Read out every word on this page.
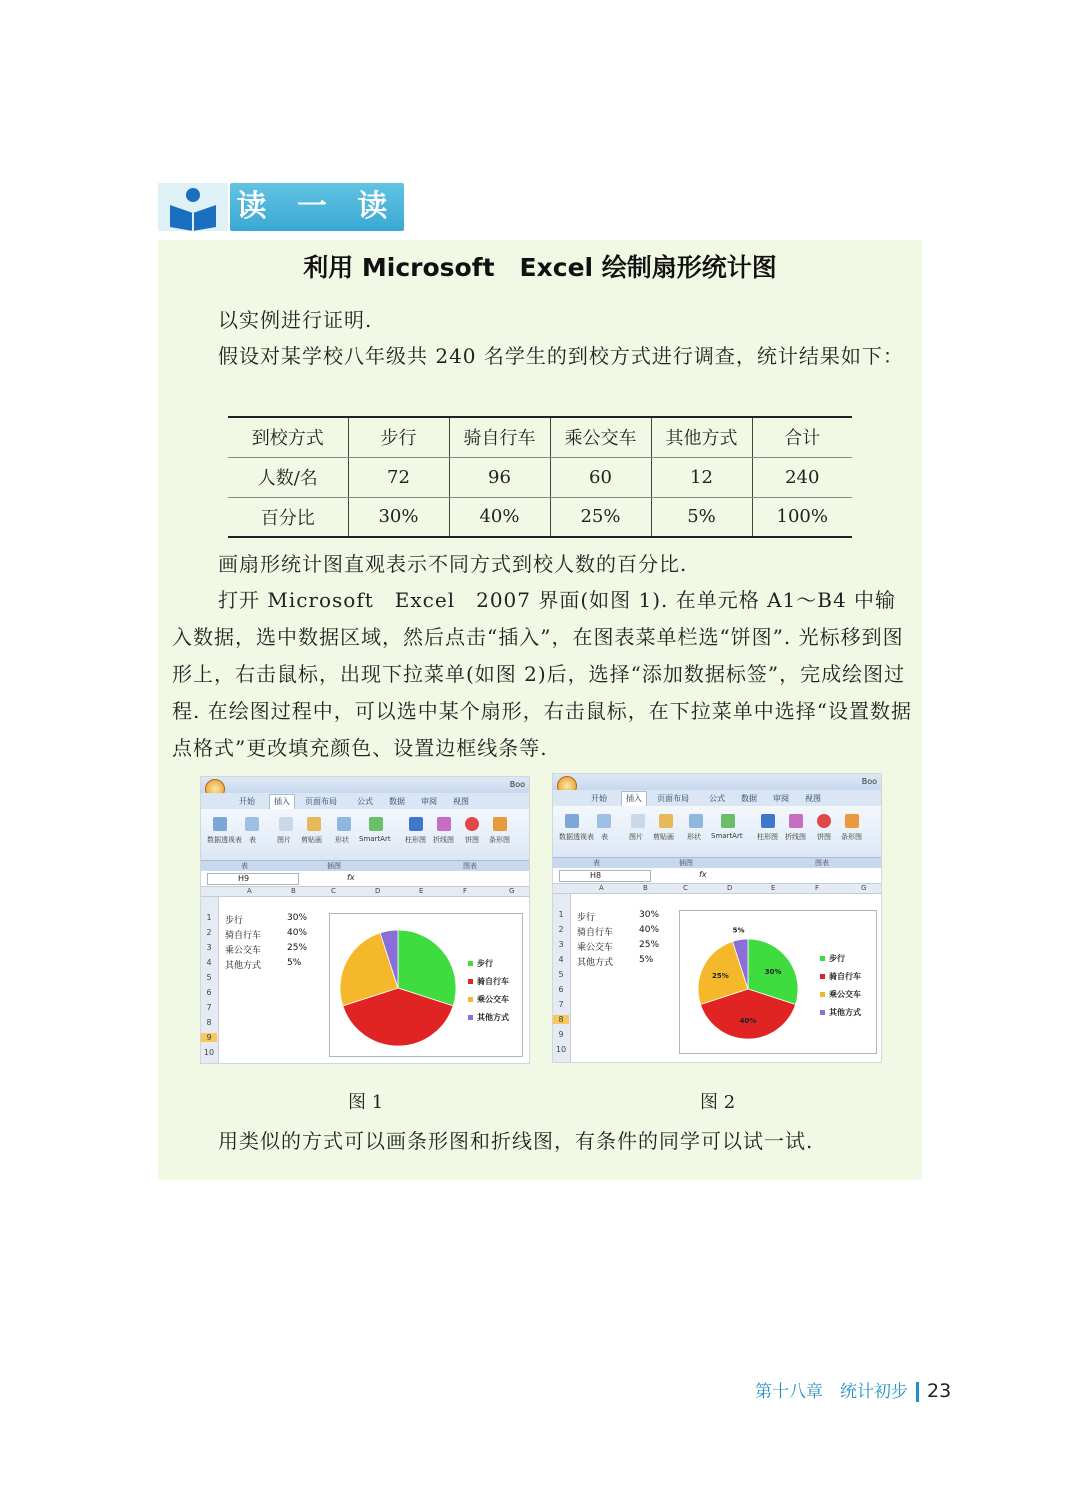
读 一 读
利用 Microsoft　Excel 绘制扇形统计图
以实例进行证明.
假设对某学校八年级共 240 名学生的到校方式进行调查，统计结果如下：
到校方式	步行	骑自行车	乘公交车	其他方式	合计
人数/名	72	96	60	12	240
百分比	30%	40%	25%	5%	100%
画扇形统计图直观表示不同方式到校人数的百分比.
打开 Microsoft　Excel　2007 界面(如图 1). 在单元格 A1～B4 中输入数据，选中数据区域，然后点击“插入”，在图表菜单栏选“饼图”. 光标移到图形上，右击鼠标，出现下拉菜单(如图 2)后，选择“添加数据标签”，完成绘图过程. 在绘图过程中，可以选中某个扇形，右击鼠标，在下拉菜单中选择“设置数据点格式”更改填充颜色、设置边框线条等.
Boo
开始	插入	页面布局	公式 数据 审阅 视图
数据透视表 表	图片 剪贴画 形状 SmartArt 柱形图 折线图 饼图 条形图
表	插图	图表
H9	fx
A	B	C	D	E	F	G
1
2
3
4
5
6
7
8
9
10
步行	30%
骑自行车	40%
乘公交车	25%
其他方式	5%	步行
骑自行车
乘公交车
其他方式
Boo
开始	插入	页面布局	公式 数据 审阅 视图
数据透视表 表	图片 剪贴画 形状 SmartArt 柱形图 折线图 饼图 条形图
表	插图	图表
H8	fx
A	B	C	D	E	F	G
1
2
3
4
5
6
7
8
9
10
步行	30%
骑自行车	40%
乘公交车	25%
其他方式	5%
30%
40%
25%
5%
步行
骑自行车
乘公交车
其他方式
图 1	图 2
用类似的方式可以画条形图和折线图，有条件的同学可以试一试.
第十八章　统计初步 23
